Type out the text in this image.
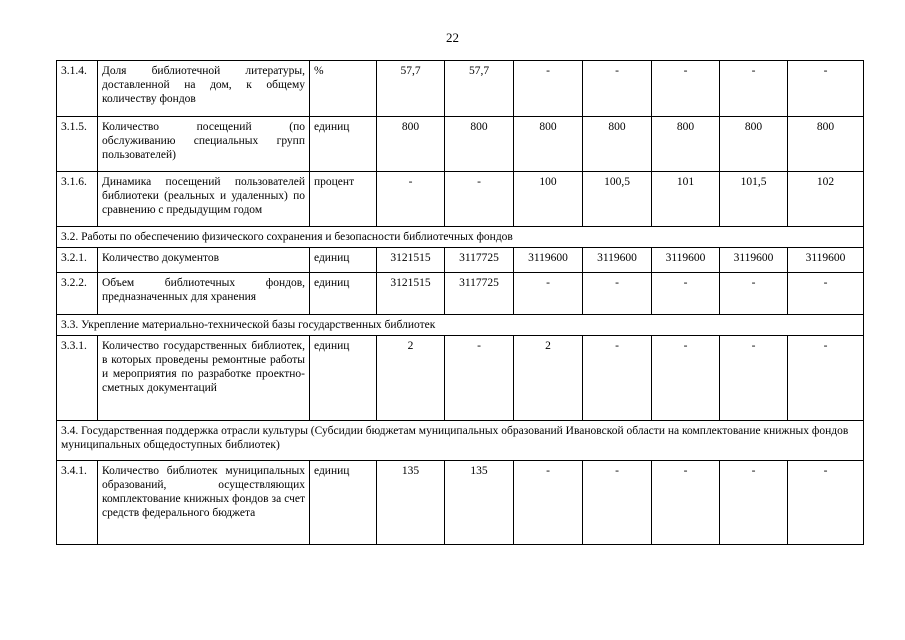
22
3.1.4.	Доля библиотечной литературы, доставленной на дом, к общему количеству фондов	%	57,7	57,7	-	-	-	-	-
3.1.5.	Количество посещений (по обслуживанию специальных групп пользователей)	единиц	800	800	800	800	800	800	800
3.1.6.	Динамика посещений пользователей библиотеки (реальных и удаленных) по сравнению с предыдущим годом	процент	-	-	100	100,5	101	101,5	102
3.2. Работы по обеспечению физического сохранения и безопасности библиотечных фондов									
3.2.1.	Количество документов	единиц	3121515	3117725	3119600	3119600	3119600	3119600	3119600
3.2.2.	Объем библиотечных фондов, предназначенных для хранения	единиц	3121515	3117725	-	-	-	-	-
3.3. Укрепление материально-технической базы государственных библиотек									
3.3.1.	Количество государственных библиотек, в которых проведены ремонтные работы и мероприятия по разработке проектно-сметных документаций	единиц	2	-	2	-	-	-	-
3.4. Государственная поддержка отрасли культуры (Субсидии бюджетам муниципальных образований Ивановской области на комплектование книжных фондов муниципальных общедоступных библиотек)									
3.4.1.	Количество библиотек муниципальных образований, осуществляющих комплектование книжных фондов за счет средств федерального бюджета	единиц	135	135	-	-	-	-	-
